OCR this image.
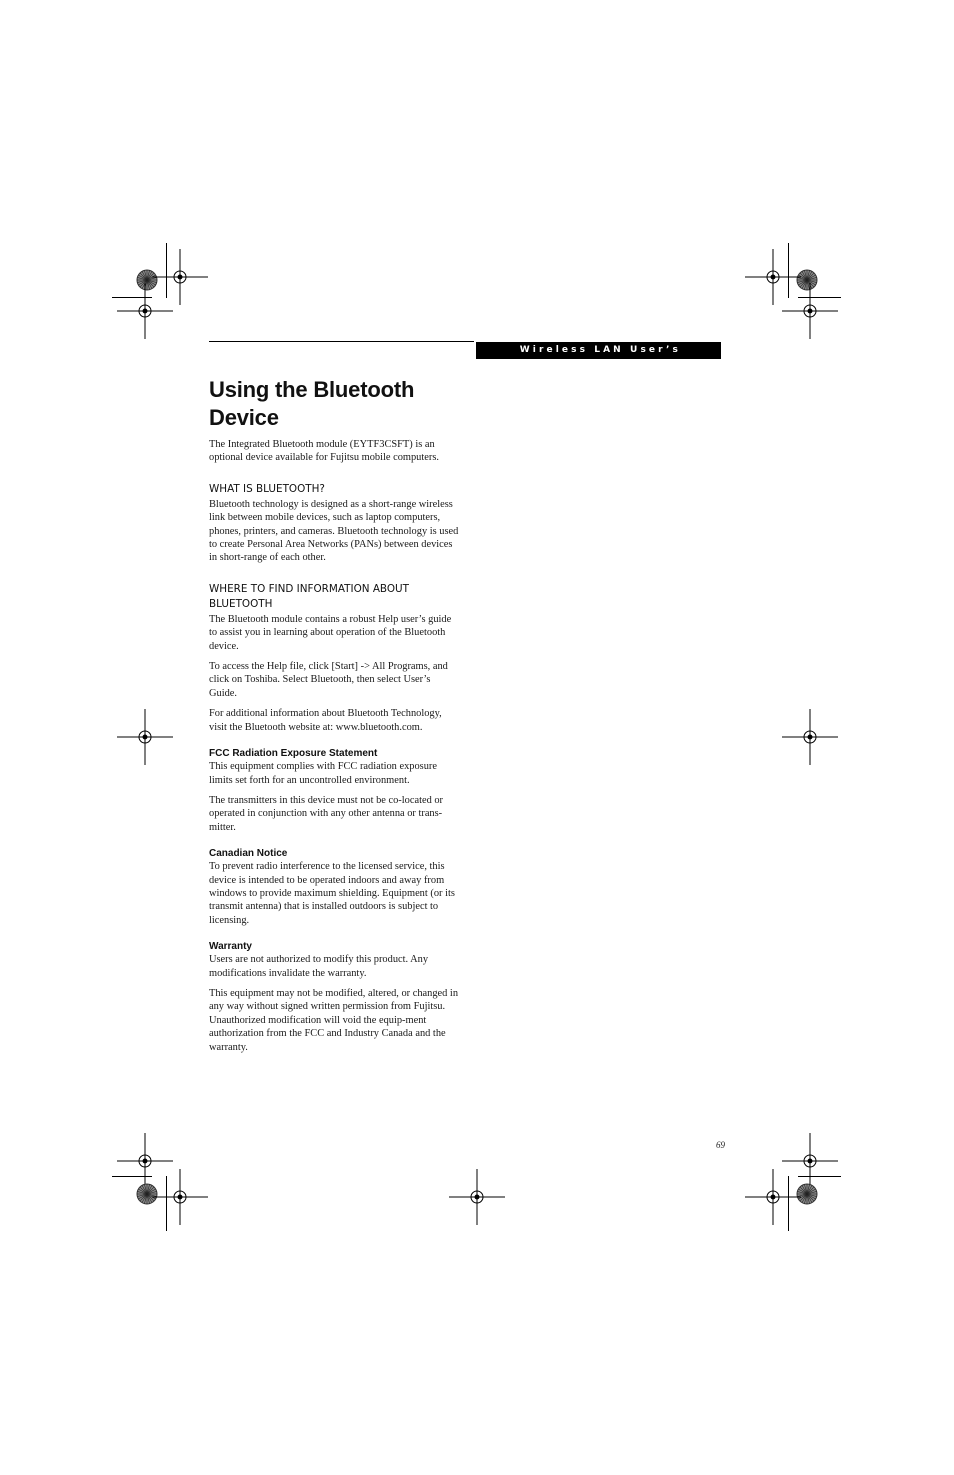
Wireless LAN User’s Guide
Using the Bluetooth Device

The Integrated Bluetooth module (EYTF3CSFT) is an optional device available for Fujitsu mobile computers.

WHAT IS BLUETOOTH?

Bluetooth technology is designed as a short-range wireless link between mobile devices, such as laptop computers, phones, printers, and cameras. Bluetooth technology is used to create Personal Area Networks (PANs) between devices in short-range of each other.

WHERE TO FIND INFORMATION ABOUT BLUETOOTH

The Bluetooth module contains a robust Help user’s guide to assist you in learning about operation of the Bluetooth device.

To access the Help file, click [Start] -> All Programs, and click on Toshiba. Select Bluetooth, then select User’s Guide.

For additional information about Bluetooth Technology, visit the Bluetooth website at: www.bluetooth.com.

FCC Radiation Exposure Statement

This equipment complies with FCC radiation exposure limits set forth for an uncontrolled environment.

The transmitters in this device must not be co-located or operated in conjunction with any other antenna or trans-mitter.

Canadian Notice

To prevent radio interference to the licensed service, this device is intended to be operated indoors and away from windows to provide maximum shielding. Equipment (or its transmit antenna) that is installed outdoors is subject to licensing.

Warranty

Users are not authorized to modify this product. Any modifications invalidate the warranty.

This equipment may not be modified, altered, or changed in any way without signed written permission from Fujitsu. Unauthorized modification will void the equip-ment authorization from the FCC and Industry Canada and the warranty.

69
